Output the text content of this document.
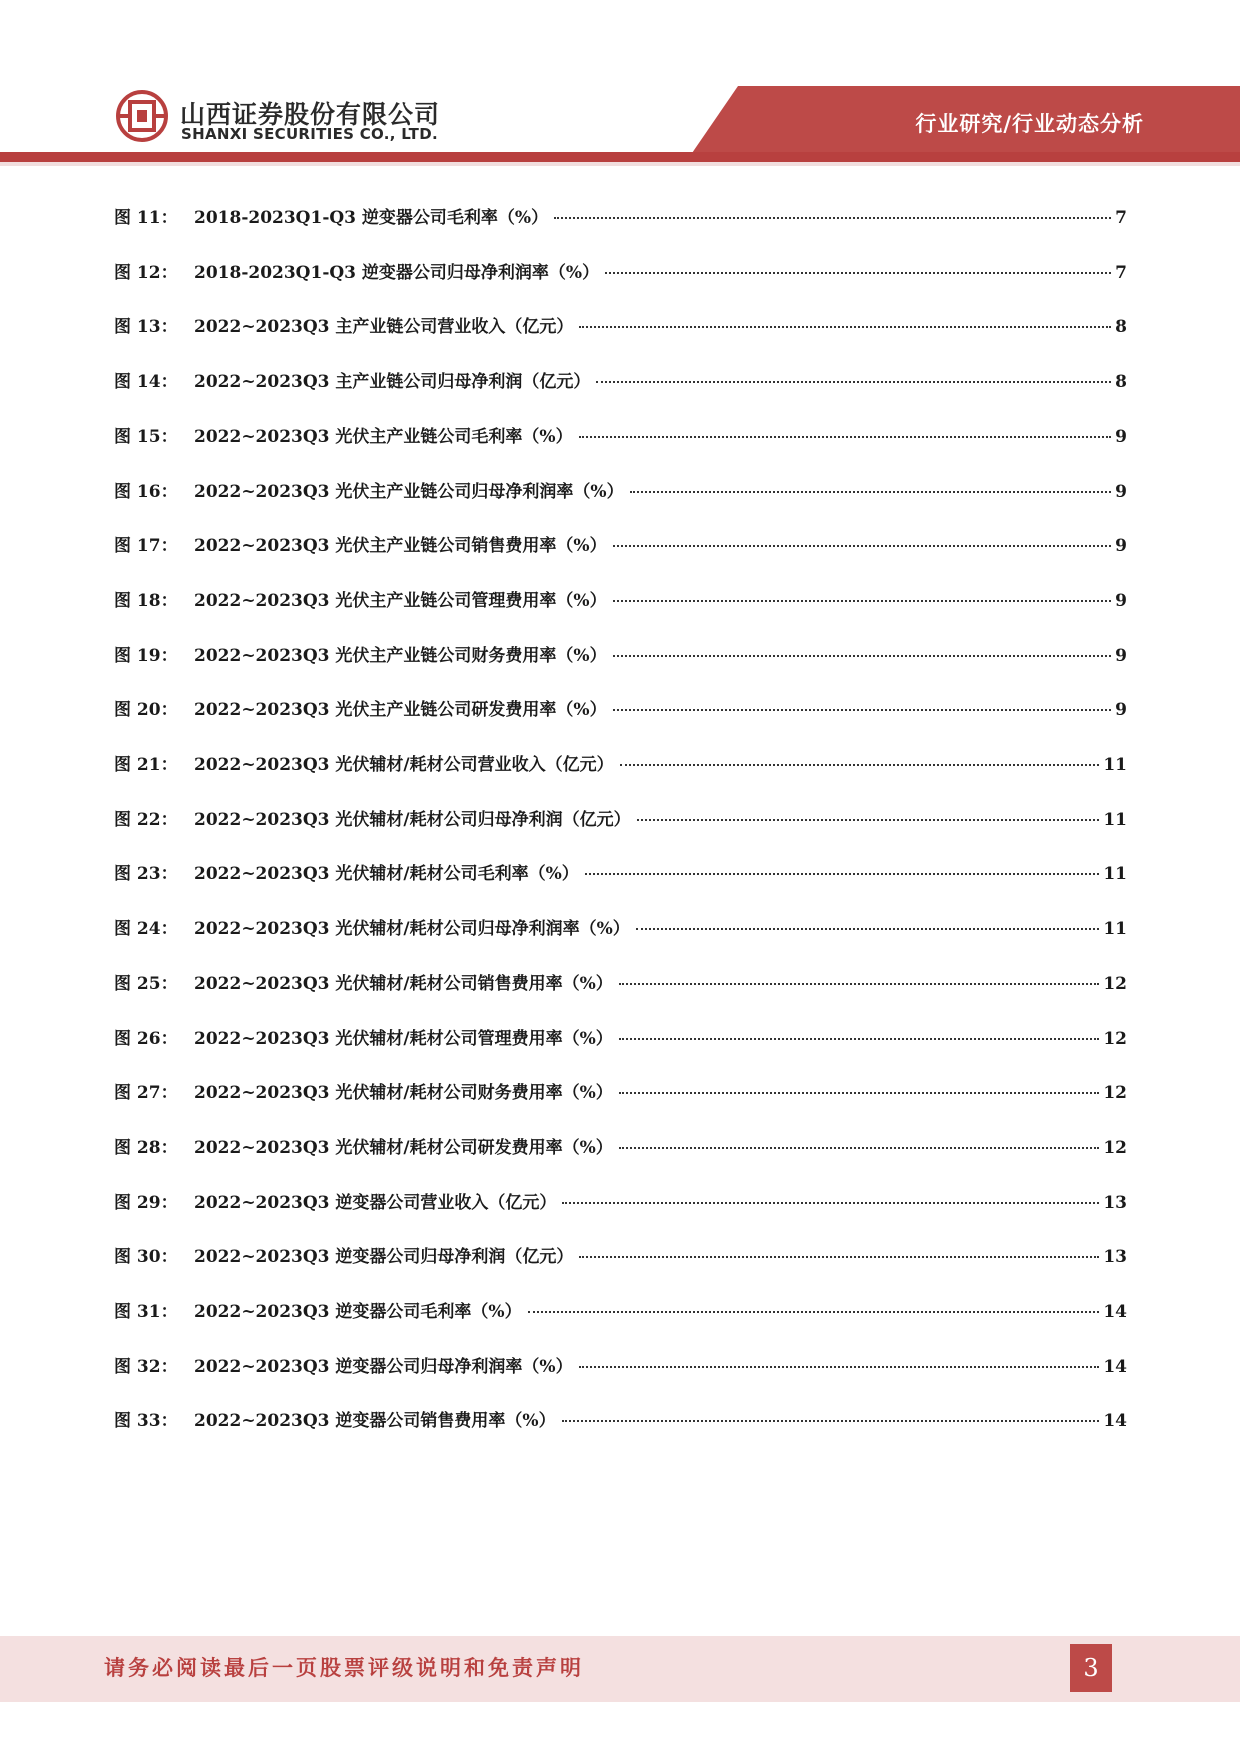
行业研究/行业动态分析
山西证券股份有限公司
SHANXI SECURITIES CO., LTD.
图 11： 2018-2023Q1-Q3 逆变器公司毛利率（%）	7
图 12： 2018-2023Q1-Q3 逆变器公司归母净利润率（%）	7
图 13： 2022~2023Q3 主产业链公司营业收入（亿元）	8
图 14： 2022~2023Q3 主产业链公司归母净利润（亿元）	8
图 15： 2022~2023Q3 光伏主产业链公司毛利率（%）	9
图 16： 2022~2023Q3 光伏主产业链公司归母净利润率（%）	9
图 17： 2022~2023Q3 光伏主产业链公司销售费用率（%）	9
图 18： 2022~2023Q3 光伏主产业链公司管理费用率（%）	9
图 19： 2022~2023Q3 光伏主产业链公司财务费用率（%）	9
图 20： 2022~2023Q3 光伏主产业链公司研发费用率（%）	9
图 21： 2022~2023Q3 光伏辅材/耗材公司营业收入（亿元）	11
图 22： 2022~2023Q3 光伏辅材/耗材公司归母净利润（亿元）	11
图 23： 2022~2023Q3 光伏辅材/耗材公司毛利率（%）	11
图 24： 2022~2023Q3 光伏辅材/耗材公司归母净利润率（%）	11
图 25： 2022~2023Q3 光伏辅材/耗材公司销售费用率（%）	12
图 26： 2022~2023Q3 光伏辅材/耗材公司管理费用率（%）	12
图 27： 2022~2023Q3 光伏辅材/耗材公司财务费用率（%）	12
图 28： 2022~2023Q3 光伏辅材/耗材公司研发费用率（%）	12
图 29： 2022~2023Q3 逆变器公司营业收入（亿元）	13
图 30： 2022~2023Q3 逆变器公司归母净利润（亿元）	13
图 31： 2022~2023Q3 逆变器公司毛利率（%）	14
图 32： 2022~2023Q3 逆变器公司归母净利润率（%）	14
图 33： 2022~2023Q3 逆变器公司销售费用率（%）	14
请务必阅读最后一页股票评级说明和免责声明	3
